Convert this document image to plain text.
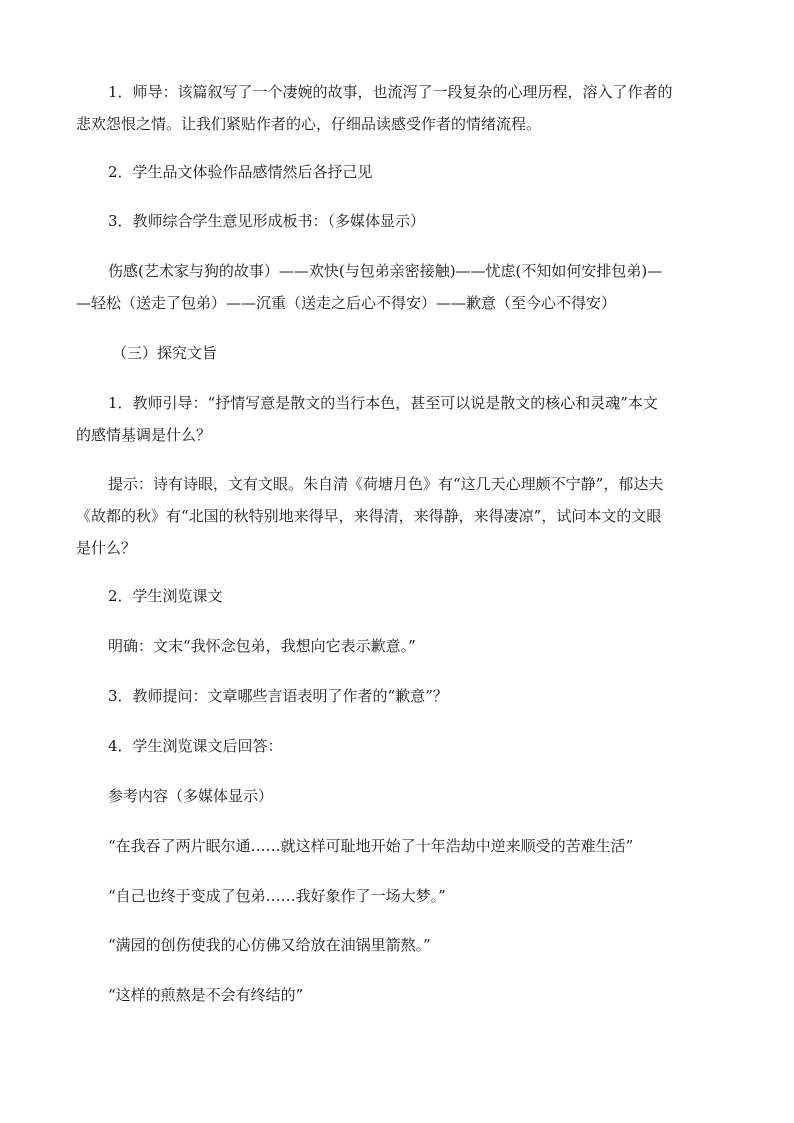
1．师导：该篇叙写了一个凄婉的故事，也流泻了一段复杂的心理历程，溶入了作者的
悲欢怨恨之情。让我们紧贴作者的心，仔细品读感受作者的情绪流程。
2．学生品文体验作品感情然后各抒己见
3．教师综合学生意见形成板书：（多媒体显示）
伤感(艺术家与狗的故事）——欢快(与包弟亲密接触)——忧虑(不知如何安排包弟)—
—轻松（送走了包弟）——沉重（送走之后心不得安）——歉意（至今心不得安）
（三）探究文旨
1．教师引导：“抒情写意是散文的当行本色，甚至可以说是散文的核心和灵魂”本文
的感情基调是什么？
提示：诗有诗眼，文有文眼。朱自清《荷塘月色》有“这几天心理颇不宁静”，郁达夫
《故都的秋》有“北国的秋特别地来得早，来得清，来得静，来得凄凉”，试问本文的文眼
是什么？
2．学生浏览课文
明确：文末“我怀念包弟，我想向它表示歉意。”
3．教师提问：文章哪些言语表明了作者的“歉意”？
4．学生浏览课文后回答：
参考内容（多媒体显示）
“在我吞了两片眠尔通……就这样可耻地开始了十年浩劫中逆来顺受的苦难生活”
“自己也终于变成了包弟……我好象作了一场大梦。”
“满园的创伤使我的心仿佛又给放在油锅里箭熬。”
“这样的煎熬是不会有终结的”
